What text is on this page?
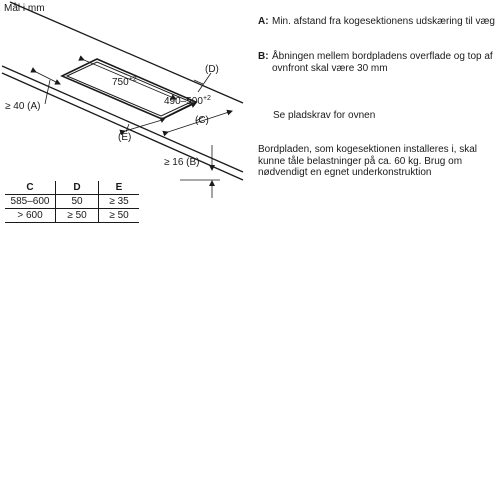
Mål i mm
$750^{+2}$
$490-500^{+2}$
≥ 40 (A)
(D)
(E)
(C)
≥ 16 (B)
A: Min. afstand fra kogesektionens udskæring til væg
B: Åbningen mellem bordpladens overflade og top af ovnfront skal være 30 mm
Se pladskrav for ovnen
Bordpladen, som kogesektionen installeres i, skal kunne tåle belastninger på ca. 60 kg. Brug om nødvendigt en egnet underkonstruktion
C	D	E
585–600	50	≥ 35
> 600	≥ 50	≥ 50
